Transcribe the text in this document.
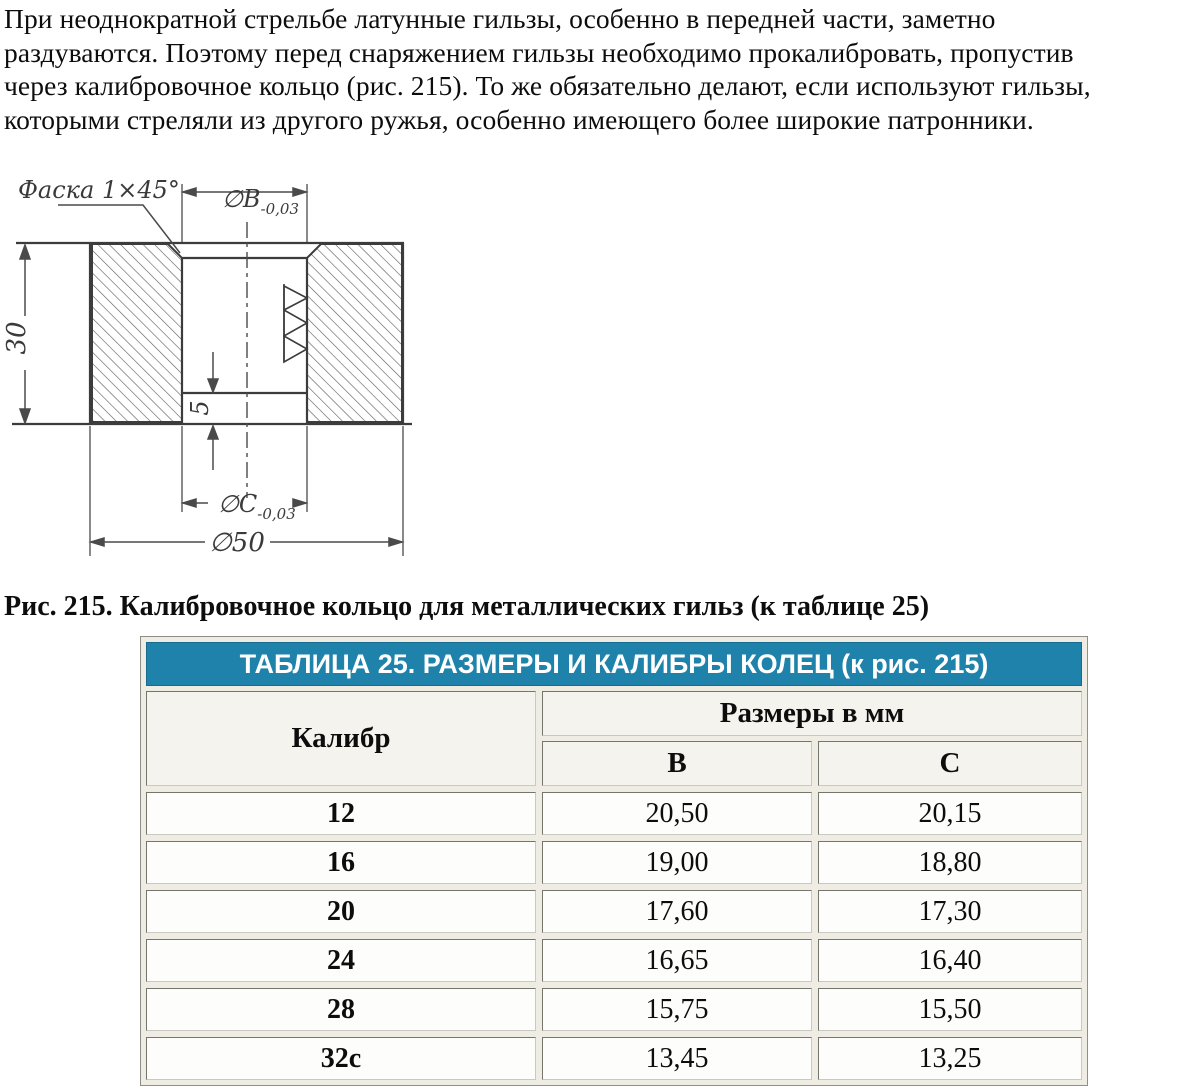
При неоднократной стрельбе латунные гильзы, особенно в передней части, заметно
раздуваются. Поэтому перед снаряжением гильзы необходимо прокалибровать, пропустив
через калибровочное кольцо (рис. 215). То же обязательно делают, если используют гильзы,
которыми стреляли из другого ружья, особенно имеющего более широкие патронники.
Фаска 1×45° $\emptyset B_{-0,03}$
$\emptyset C_{-0,03}$
∅50
30
5
Рис. 215. Калибровочное кольцо для металлических гильз (к таблице 25)
ТАБЛИЦА 25. РАЗМЕРЫ И КАЛИБРЫ КОЛЕЦ (к рис. 215)
Калибр
Размеры в мм
В	С
12	20,50	20,15
16	19,00	18,80
20	17,60	17,30
24	16,65	16,40
28	15,75	15,50
32с	13,45	13,25
